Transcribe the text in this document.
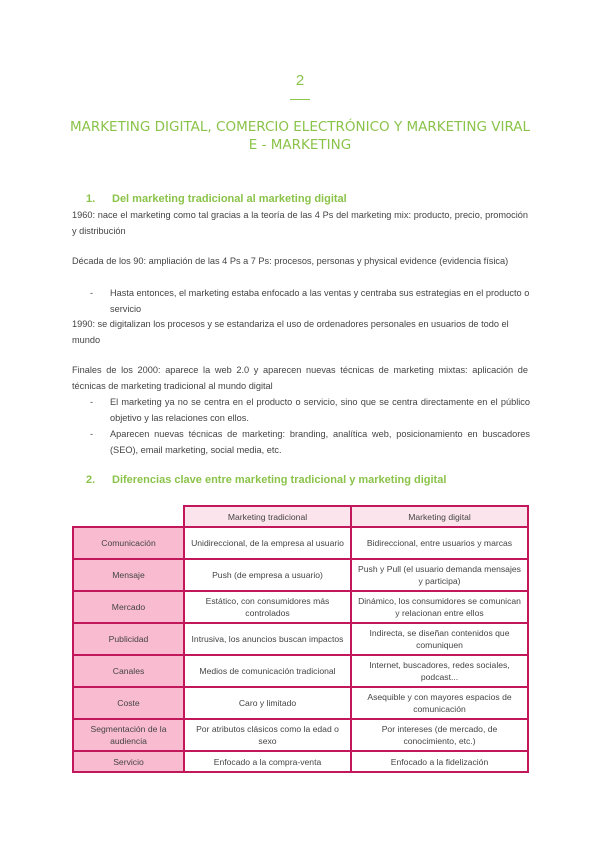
2
MARKETING DIGITAL, COMERCIO ELECTRÓNICO Y MARKETING VIRAL
E - MARKETING
1. Del marketing tradicional al marketing digital
1960: nace el marketing como tal gracias a la teoría de las 4 Ps del marketing mix: producto, precio, promoción y distribución
Década de los 90: ampliación de las 4 Ps a 7 Ps: procesos, personas y physical evidence (evidencia física)
- Hasta entonces, el marketing estaba enfocado a las ventas y centraba sus estrategias en el producto o servicio
1990: se digitalizan los procesos y se estandariza el uso de ordenadores personales en usuarios de todo el mundo
Finales de los 2000: aparece la web 2.0 y aparecen nuevas técnicas de marketing mixtas: aplicación de técnicas de marketing tradicional al mundo digital
- El marketing ya no se centra en el producto o servicio, sino que se centra directamente en el público objetivo y las relaciones con ellos.
- Aparecen nuevas técnicas de marketing: branding, analítica web, posicionamiento en buscadores (SEO), email marketing, social media, etc.
2. Diferencias clave entre marketing tradicional y marketing digital
	Marketing tradicional	Marketing digital
Comunicación	Unidireccional, de la empresa al usuario	Bidireccional, entre usuarios y marcas
Mensaje	Push (de empresa a usuario)	Push y Pull (el usuario demanda mensajes y participa)
Mercado	Estático, con consumidores más controlados	Dinámico, los consumidores se comunican y relacionan entre ellos
Publicidad	Intrusiva, los anuncios buscan impactos	Indirecta, se diseñan contenidos que comuniquen
Canales	Medios de comunicación tradicional	Internet, buscadores, redes sociales, podcast...
Coste	Caro y limitado	Asequible y con mayores espacios de comunicación
Segmentación de la audiencia	Por atributos clásicos como la edad o sexo	Por intereses (de mercado, de conocimiento, etc.)
Servicio	Enfocado a la compra-venta	Enfocado a la fidelización
